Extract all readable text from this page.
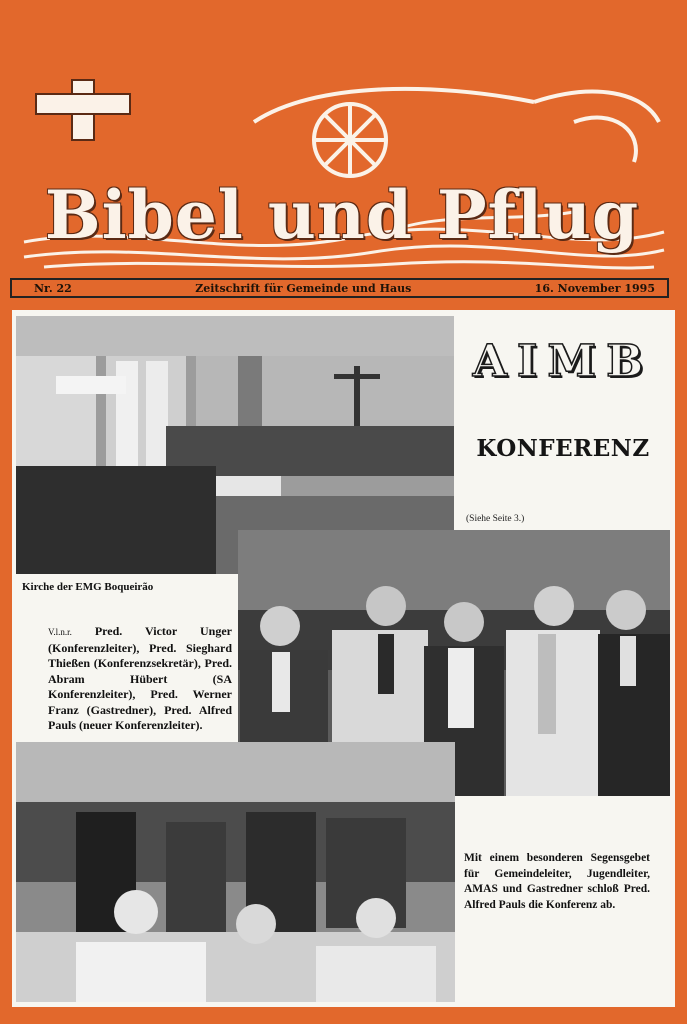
Bibel und Pflug
Nr. 22	Zeitschrift für Gemeinde und Haus	16. November 1995
AIMB
KONFERENZ
(Siehe Seite 3.)
Kirche der EMG Boqueirão
V.l.n.r. Pred. Victor Unger (Konferenzleiter), Pred. Sieghard Thießen (Konferenzsekretär), Pred. Abram Hübert (SA Konferenzleiter), Pred. Werner Franz (Gastredner), Pred. Alfred Pauls (neuer Konferenzleiter).
Mit einem besonderen Segensgebet für Gemeindeleiter, Jugendleiter, AMAS und Gastredner schloß Pred. Alfred Pauls die Konferenz ab.
